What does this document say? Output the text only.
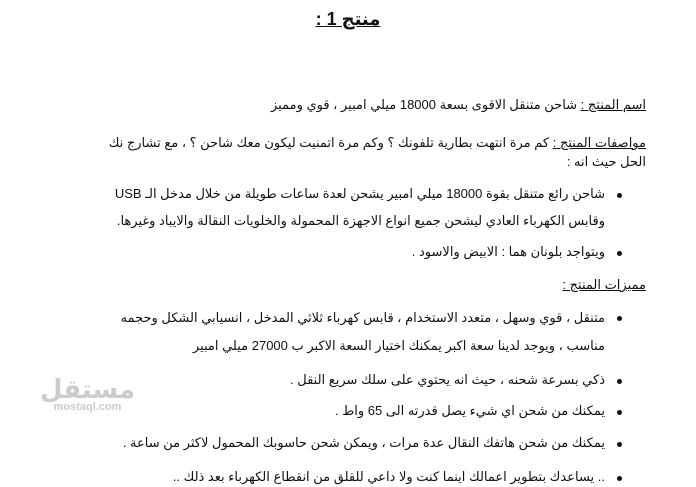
منتج 1 :
اسم المنتج : شاحن متنقل الاقوى بسعة 18000 ميلي امبير ، قوي ومميز
مواصفات المنتج : كم مرة انتهت بطارية تلفونك ؟ وكم مرة اتمنيت ليكون معك شاحن ؟ ، مع تشارج نك
الحل حيث انه :
شاحن رائع متنقل بقوة 18000 ميلي امبير يشحن لعدة ساعات طويلة من خلال مدخل الـ USB
وقابس الكهرباء العادي ليشحن جميع انواع الاجهزة المحمولة والخلويات النقالة والايباد وغيرها.
ويتواجد بلونان هما : الابيض والاسود .
مميزات المنتج :
متنقل ، قوي وسهل ، متعدد الاستخدام ، قابس كهرباء ثلاثي المدخل ، انسيابي الشكل وحجمه
مناسب ، ويوجد لدينا سعة اكبر يمكنك اختيار السعة الاكبر ب 27000 ميلي امبير
ذكي بسرعة شحنه ، حيث انه يحتوي على سلك سريع النقل .
يمكنك من شحن اي شيء يصل قدرته الى 65 واط .
يمكنك من شحن هاتفك النقال عدة مرات ، ويمكن شحن حاسوبك المحمول لاكثر من ساعة .
مستقل
mostaql.com
.. يساعدك بتطوير اعمالك اينما كنت ولا داعي للقلق من انقطاع الكهرباء بعد ذلك ..
